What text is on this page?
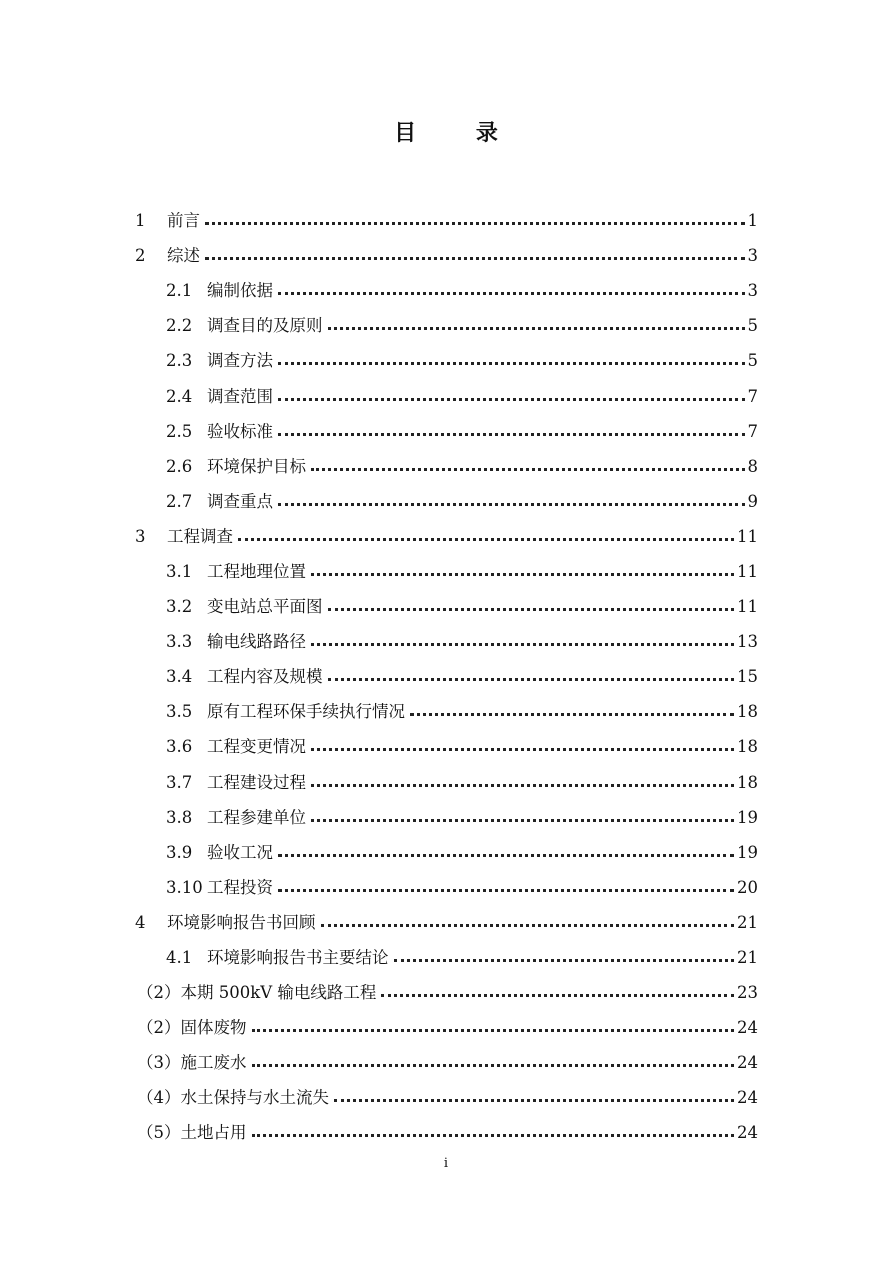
目 录
1	前言	1
2	综述	3
2.1 编制依据	3
2.2 调查目的及原则	5
2.3 调查方法	5
2.4 调查范围	7
2.5 验收标准	7
2.6 环境保护目标	8
2.7 调查重点	9
3	工程调查	11
3.1 工程地理位置	11
3.2 变电站总平面图	11
3.3 输电线路路径	13
3.4 工程内容及规模	15
3.5 原有工程环保手续执行情况	18
3.6 工程变更情况	18
3.7 工程建设过程	18
3.8 工程参建单位	19
3.9 验收工况	19
3.10 工程投资	20
4	环境影响报告书回顾	21
4.1 环境影响报告书主要结论	21
（2） 本期 500kV 输电线路工程	23
（2） 固体废物	24
（3） 施工废水	24
（4） 水土保持与水土流失	24
（5） 土地占用	24
i
